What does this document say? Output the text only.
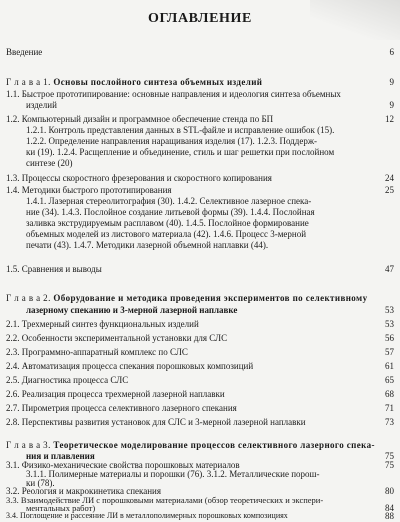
ОГЛАВЛЕНИЕ
Введение	6
Г л а в а 1. Основы послойного синтеза объемных изделий	9
1.1. Быстрое прототипирование: основные направления и идеология синтеза объемных
изделий	9
1.2. Компьютерный дизайн и программное обеспечение стенда по БП	12
1.2.1. Контроль представления данных в STL-файле и исправление ошибок (15).
1.2.2. Определение направления наращивания изделия (17). 1.2.3. Поддерж-
ки (19). 1.2.4. Расщепление и объединение, стиль и шаг решетки при послойном
синтезе (20)
1.3. Процессы скоростного фрезерования и скоростного копирования	24
1.4. Методики быстрого прототипирования	25
1.4.1. Лазерная стереолитография (30). 1.4.2. Селективное лазерное спека-
ние (34). 1.4.3. Послойное создание литьевой формы (39). 1.4.4. Послойная
заливка экструдируемым расплавом (40). 1.4.5. Послойное формирование
объемных моделей из листового материала (42). 1.4.6. Процесс 3-мерной
печати (43). 1.4.7. Методики лазерной объемной наплавки (44).
1.5. Сравнения и выводы	47
Г л а в а 2. Оборудование и методика проведения экспериментов по селективному
лазерному спеканию и 3-мерной лазерной наплавке	53
2.1. Трехмерный синтез функциональных изделий	53
2.2. Особенности экспериментальной установки для СЛС	56
2.3. Программно-аппаратный комплекс по СЛС	57
2.4. Автоматизация процесса спекания порошковых композиций	61
2.5. Диагностика процесса СЛС	65
2.6. Реализация процесса трехмерной лазерной наплавки	68
2.7. Пирометрия процесса селективного лазерного спекания	71
2.8. Перспективы развития установок для СЛС и 3-мерной лазерной наплавки	73
Г л а в а 3. Теоретическое моделирование процессов селективного лазерного спека-
ния и плавления	75
3.1. Физико-механические свойства порошковых материалов	75
3.1.1. Полимерные материалы и порошки (76). 3.1.2. Металлические порош-
ки (78).
3.2. Реология и макрокинетика спекания	80
3.3. Взаимодействие ЛИ с порошковыми материалами (обзор теоретических и экспери-
ментальных работ)	84
3.4. Поглощение и рассеяние ЛИ в металлополимерных порошковых композициях	88
